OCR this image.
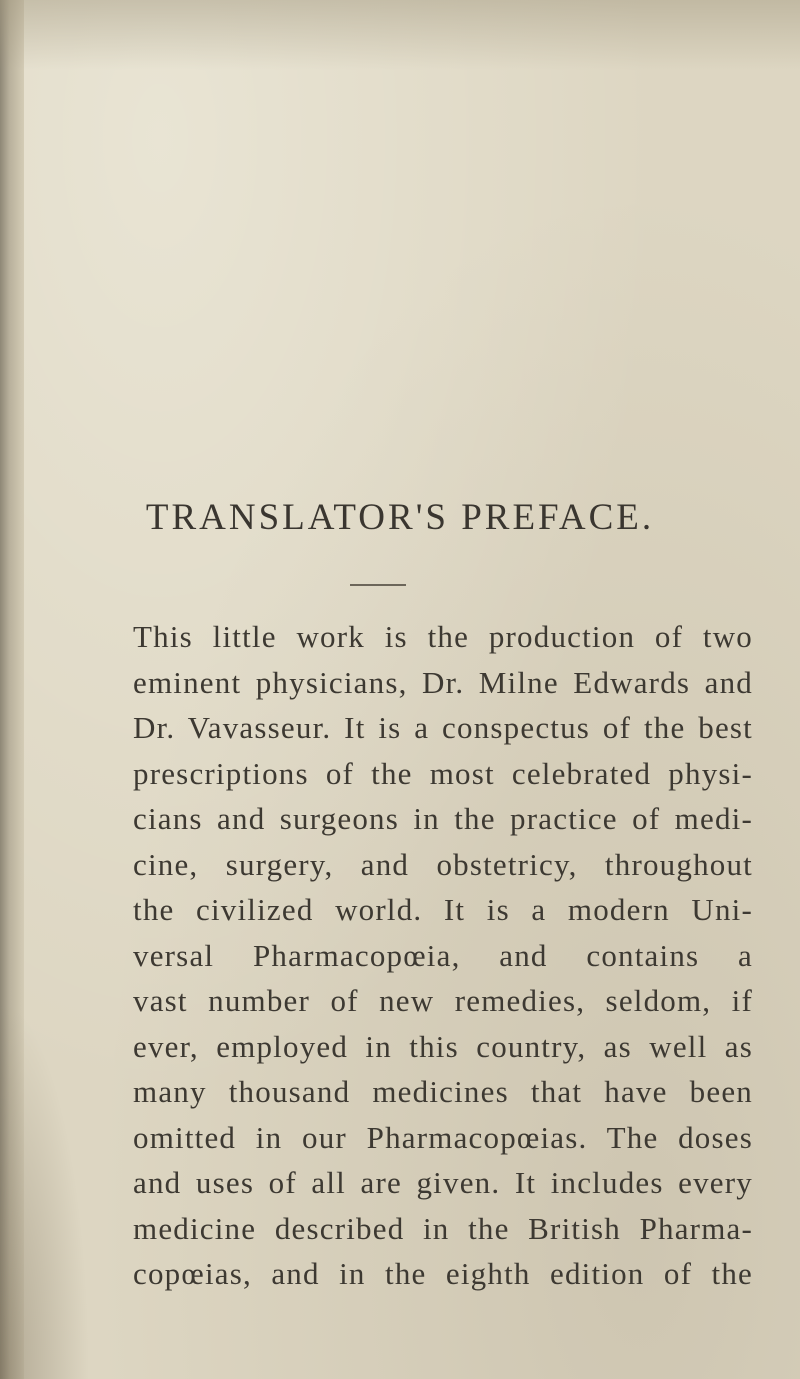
TRANSLATOR'S PREFACE.

This little work is the production of two
eminent physicians, Dr. Milne Edwards and
Dr. Vavasseur. It is a conspectus of the best
prescriptions of the most celebrated physi-
cians and surgeons in the practice of medi-
cine, surgery, and obstetricy, throughout
the civilized world. It is a modern Uni-
versal Pharmacopœia, and contains a
vast number of new remedies, seldom, if
ever, employed in this country, as well as
many thousand medicines that have been
omitted in our Pharmacopœias. The doses
and uses of all are given. It includes every
medicine described in the British Pharma-
copœias, and in the eighth edition of the
